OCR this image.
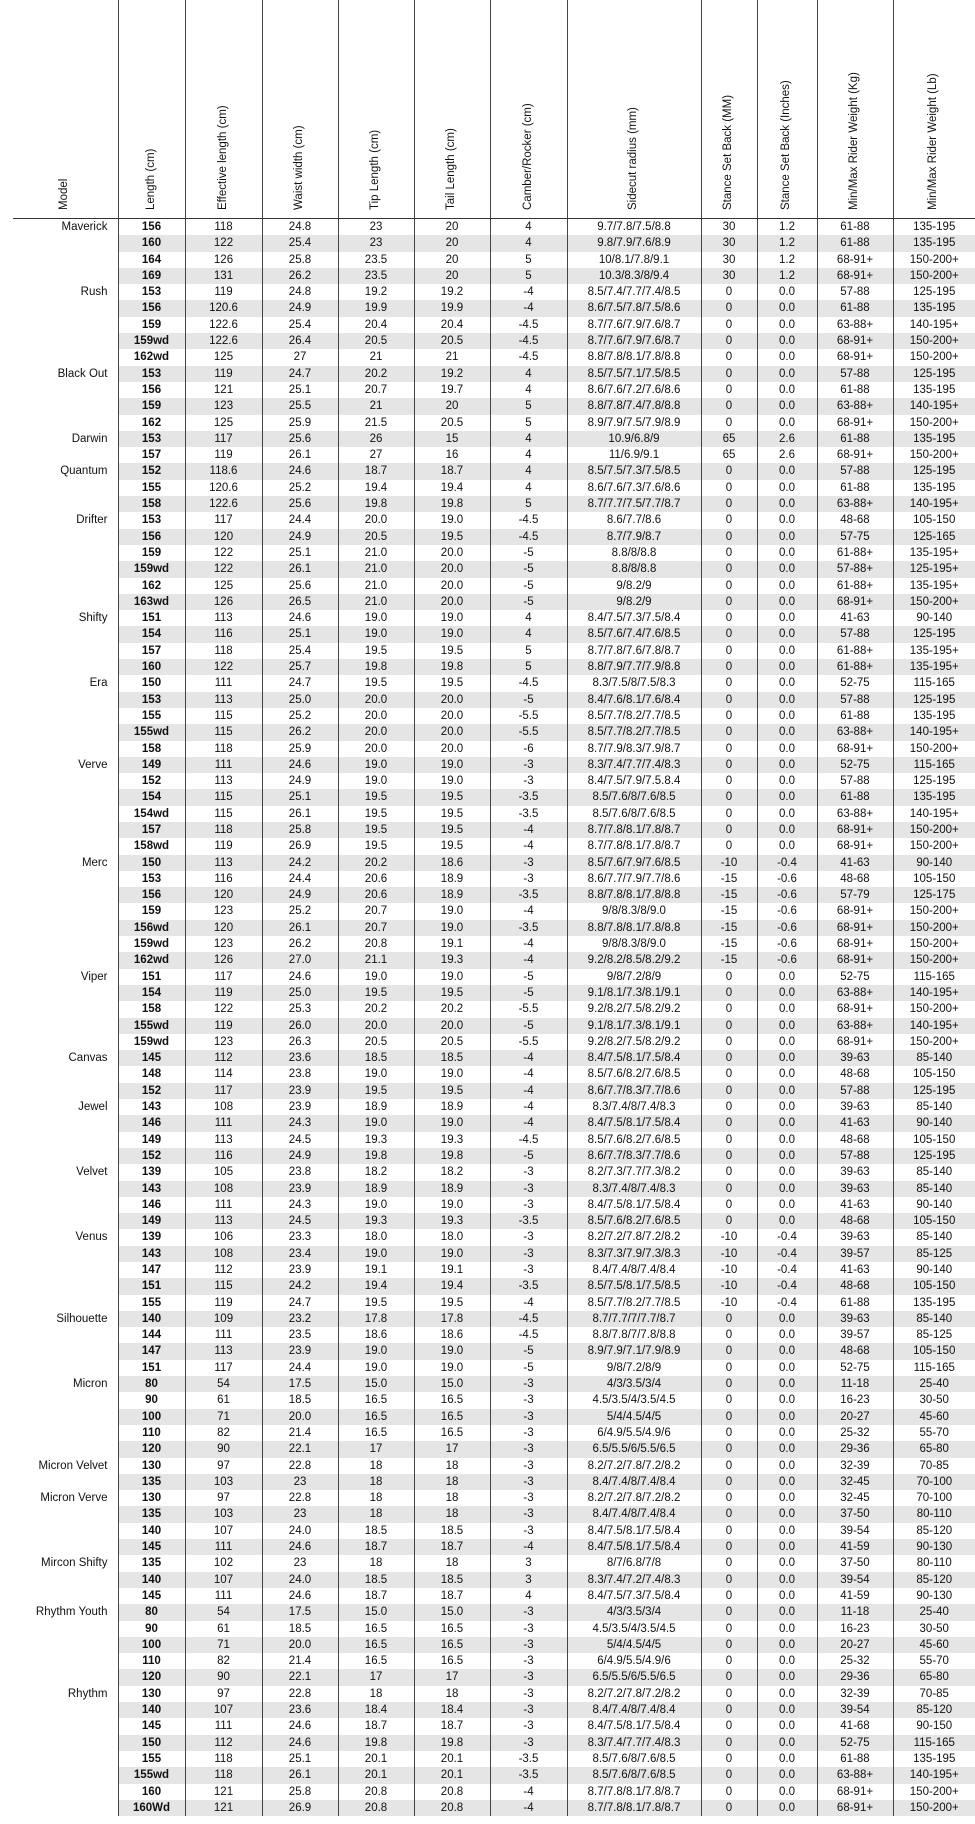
Model	Length (cm)	Effective length (cm)	Waist width (cm)	Tip Length (cm)	Tail Length (cm)	Camber/Rocker (cm)	Sidecut radius (mm)	Stance Set Back (MM)	Stance Set Back (Inches)	Min/Max Rider Weight (Kg)	Min/Max Rider Weight (Lb)

Maverick	156	118	24.8	23	20	4	9.7/7.8/7.5/8.8	30	1.2	61-88	135-195
	160	122	25.4	23	20	4	9.8/7.9/7.6/8.9	30	1.2	61-88	135-195
	164	126	25.8	23.5	20	5	10/8.1/7.8/9.1	30	1.2	68-91+	150-200+
	169	131	26.2	23.5	20	5	10.3/8.3/8/9.4	30	1.2	68-91+	150-200+
Rush	153	119	24.8	19.2	19.2	-4	8.5/7.4/7.7/7.4/8.5	0	0.0	57-88	125-195
	156	120.6	24.9	19.9	19.9	-4	8.6/7.5/7.8/7.5/8.6	0	0.0	61-88	135-195
	159	122.6	25.4	20.4	20.4	-4.5	8.7/7.6/7.9/7.6/8.7	0	0.0	63-88+	140-195+
	159wd	122.6	26.4	20.5	20.5	-4.5	8.7/7.6/7.9/7.6/8.7	0	0.0	68-91+	150-200+
	162wd	125	27	21	21	-4.5	8.8/7.8/8.1/7.8/8.8	0	0.0	68-91+	150-200+
Black Out	153	119	24.7	20.2	19.2	4	8.5/7.5/7.1/7.5/8.5	0	0.0	57-88	125-195
	156	121	25.1	20.7	19.7	4	8.6/7.6/7.2/7.6/8.6	0	0.0	61-88	135-195
	159	123	25.5	21	20	5	8.8/7.8/7.4/7.8/8.8	0	0.0	63-88+	140-195+
	162	125	25.9	21.5	20.5	5	8.9/7.9/7.5/7.9/8.9	0	0.0	68-91+	150-200+
Darwin	153	117	25.6	26	15	4	10.9/6.8/9	65	2.6	61-88	135-195
	157	119	26.1	27	16	4	11/6.9/9.1	65	2.6	68-91+	150-200+
Quantum	152	118.6	24.6	18.7	18.7	4	8.5/7.5/7.3/7.5/8.5	0	0.0	57-88	125-195
	155	120.6	25.2	19.4	19.4	4	8.6/7.6/7.3/7.6/8.6	0	0.0	61-88	135-195
	158	122.6	25.6	19.8	19.8	5	8.7/7.7/7.5/7.7/8.7	0	0.0	63-88+	140-195+
Drifter	153	117	24.4	20.0	19.0	-4.5	8.6/7.7/8.6	0	0.0	48-68	105-150
	156	120	24.9	20.5	19.5	-4.5	8.7/7.9/8.7	0	0.0	57-75	125-165
	159	122	25.1	21.0	20.0	-5	8.8/8/8.8	0	0.0	61-88+	135-195+
	159wd	122	26.1	21.0	20.0	-5	8.8/8/8.8	0	0.0	57-88+	125-195+
	162	125	25.6	21.0	20.0	-5	9/8.2/9	0	0.0	61-88+	135-195+
	163wd	126	26.5	21.0	20.0	-5	9/8.2/9	0	0.0	68-91+	150-200+
Shifty	151	113	24.6	19.0	19.0	4	8.4/7.5/7.3/7.5/8.4	0	0.0	41-63	90-140
	154	116	25.1	19.0	19.0	4	8.5/7.6/7.4/7.6/8.5	0	0.0	57-88	125-195
	157	118	25.4	19.5	19.5	5	8.7/7.8/7.6/7.8/8.7	0	0.0	61-88+	135-195+
	160	122	25.7	19.8	19.8	5	8.8/7.9/7.7/7.9/8.8	0	0.0	61-88+	135-195+
Era	150	111	24.7	19.5	19.5	-4.5	8.3/7.5/8/7.5/8.3	0	0.0	52-75	115-165
	153	113	25.0	20.0	20.0	-5	8.4/7.6/8.1/7.6/8.4	0	0.0	57-88	125-195
	155	115	25.2	20.0	20.0	-5.5	8.5/7.7/8.2/7.7/8.5	0	0.0	61-88	135-195
	155wd	115	26.2	20.0	20.0	-5.5	8.5/7.7/8.2/7.7/8.5	0	0.0	63-88+	140-195+
	158	118	25.9	20.0	20.0	-6	8.7/7.9/8.3/7.9/8.7	0	0.0	68-91+	150-200+
Verve	149	111	24.6	19.0	19.0	-3	8.3/7.4/7.7/7.4/8.3	0	0.0	52-75	115-165
	152	113	24.9	19.0	19.0	-3	8.4/7.5/7.9/7.5.8.4	0	0.0	57-88	125-195
	154	115	25.1	19.5	19.5	-3.5	8.5/7.6/8/7.6/8.5	0	0.0	61-88	135-195
	154wd	115	26.1	19.5	19.5	-3.5	8.5/7.6/8/7.6/8.5	0	0.0	63-88+	140-195+
	157	118	25.8	19.5	19.5	-4	8.7/7.8/8.1/7.8/8.7	0	0.0	68-91+	150-200+
	158wd	119	26.9	19.5	19.5	-4	8.7/7.8/8.1/7.8/8.7	0	0.0	68-91+	150-200+
Merc	150	113	24.2	20.2	18.6	-3	8.5/7.6/7.9/7.6/8.5	-10	-0.4	41-63	90-140
	153	116	24.4	20.6	18.9	-3	8.6/7.7/7.9/7.7/8.6	-15	-0.6	48-68	105-150
	156	120	24.9	20.6	18.9	-3.5	8.8/7.8/8.1/7.8/8.8	-15	-0.6	57-79	125-175
	159	123	25.2	20.7	19.0	-4	9/8/8.3/8/9.0	-15	-0.6	68-91+	150-200+
	156wd	120	26.1	20.7	19.0	-3.5	8.8/7.8/8.1/7.8/8.8	-15	-0.6	68-91+	150-200+
	159wd	123	26.2	20.8	19.1	-4	9/8/8.3/8/9.0	-15	-0.6	68-91+	150-200+
	162wd	126	27.0	21.1	19.3	-4	9.2/8.2/8.5/8.2/9.2	-15	-0.6	68-91+	150-200+
Viper	151	117	24.6	19.0	19.0	-5	9/8/7.2/8/9	0	0.0	52-75	115-165
	154	119	25.0	19.5	19.5	-5	9.1/8.1/7.3/8.1/9.1	0	0.0	63-88+	140-195+
	158	122	25.3	20.2	20.2	-5.5	9.2/8.2/7.5/8.2/9.2	0	0.0	68-91+	150-200+
	155wd	119	26.0	20.0	20.0	-5	9.1/8.1/7.3/8.1/9.1	0	0.0	63-88+	140-195+
	159wd	123	26.3	20.5	20.5	-5.5	9.2/8.2/7.5/8.2/9.2	0	0.0	68-91+	150-200+
Canvas	145	112	23.6	18.5	18.5	-4	8.4/7.5/8.1/7.5/8.4	0	0.0	39-63	85-140
	148	114	23.8	19.0	19.0	-4	8.5/7.6/8.2/7.6/8.5	0	0.0	48-68	105-150
	152	117	23.9	19.5	19.5	-4	8.6/7.7/8.3/7.7/8.6	0	0.0	57-88	125-195
Jewel	143	108	23.9	18.9	18.9	-4	8.3/7.4/8/7.4/8.3	0	0.0	39-63	85-140
	146	111	24.3	19.0	19.0	-4	8.4/7.5/8.1/7.5/8.4	0	0.0	41-63	90-140
	149	113	24.5	19.3	19.3	-4.5	8.5/7.6/8.2/7.6/8.5	0	0.0	48-68	105-150
	152	116	24.9	19.8	19.8	-5	8.6/7.7/8.3/7.7/8.6	0	0.0	57-88	125-195
Velvet	139	105	23.8	18.2	18.2	-3	8.2/7.3/7.7/7.3/8.2	0	0.0	39-63	85-140
	143	108	23.9	18.9	18.9	-3	8.3/7.4/8/7.4/8.3	0	0.0	39-63	85-140
	146	111	24.3	19.0	19.0	-3	8.4/7.5/8.1/7.5/8.4	0	0.0	41-63	90-140
	149	113	24.5	19.3	19.3	-3.5	8.5/7.6/8.2/7.6/8.5	0	0.0	48-68	105-150
Venus	139	106	23.3	18.0	18.0	-3	8.2/7.2/7.8/7.2/8.2	-10	-0.4	39-63	85-140
	143	108	23.4	19.0	19.0	-3	8.3/7.3/7.9/7.3/8.3	-10	-0.4	39-57	85-125
	147	112	23.9	19.1	19.1	-3	8.4/7.4/8/7.4/8.4	-10	-0.4	41-63	90-140
	151	115	24.2	19.4	19.4	-3.5	8.5/7.5/8.1/7.5/8.5	-10	-0.4	48-68	105-150
	155	119	24.7	19.5	19.5	-4	8.5/7.7/8.2/7.7/8.5	-10	-0.4	61-88	135-195
Silhouette	140	109	23.2	17.8	17.8	-4.5	8.7/7.7/7/7.7/8.7	0	0.0	39-63	85-140
	144	111	23.5	18.6	18.6	-4.5	8.8/7.8/7/7.8/8.8	0	0.0	39-57	85-125
	147	113	23.9	19.0	19.0	-5	8.9/7.9/7.1/7.9/8.9	0	0.0	48-68	105-150
	151	117	24.4	19.0	19.0	-5	9/8/7.2/8/9	0	0.0	52-75	115-165
Micron	80	54	17.5	15.0	15.0	-3	4/3/3.5/3/4	0	0.0	11-18	25-40
	90	61	18.5	16.5	16.5	-3	4.5/3.5/4/3.5/4.5	0	0.0	16-23	30-50
	100	71	20.0	16.5	16.5	-3	5/4/4.5/4/5	0	0.0	20-27	45-60
	110	82	21.4	16.5	16.5	-3	6/4.9/5.5/4.9/6	0	0.0	25-32	55-70
	120	90	22.1	17	17	-3	6.5/5.5/6/5.5/6.5	0	0.0	29-36	65-80
Micron Velvet	130	97	22.8	18	18	-3	8.2/7.2/7.8/7.2/8.2	0	0.0	32-39	70-85
	135	103	23	18	18	-3	8.4/7.4/8/7.4/8.4	0	0.0	32-45	70-100
Micron Verve	130	97	22.8	18	18	-3	8.2/7.2/7.8/7.2/8.2	0	0.0	32-45	70-100
	135	103	23	18	18	-3	8.4/7.4/8/7.4/8.4	0	0.0	37-50	80-110
	140	107	24.0	18.5	18.5	-3	8.4/7.5/8.1/7.5/8.4	0	0.0	39-54	85-120
	145	111	24.6	18.7	18.7	-4	8.4/7.5/8.1/7.5/8.4	0	0.0	41-59	90-130
Mircon Shifty	135	102	23	18	18	3	8/7/6.8/7/8	0	0.0	37-50	80-110
	140	107	24.0	18.5	18.5	3	8.3/7.4/7.2/7.4/8.3	0	0.0	39-54	85-120
	145	111	24.6	18.7	18.7	4	8.4/7.5/7.3/7.5/8.4	0	0.0	41-59	90-130
Rhythm Youth	80	54	17.5	15.0	15.0	-3	4/3/3.5/3/4	0	0.0	11-18	25-40
	90	61	18.5	16.5	16.5	-3	4.5/3.5/4/3.5/4.5	0	0.0	16-23	30-50
	100	71	20.0	16.5	16.5	-3	5/4/4.5/4/5	0	0.0	20-27	45-60
	110	82	21.4	16.5	16.5	-3	6/4.9/5.5/4.9/6	0	0.0	25-32	55-70
	120	90	22.1	17	17	-3	6.5/5.5/6/5.5/6.5	0	0.0	29-36	65-80
Rhythm	130	97	22.8	18	18	-3	8.2/7.2/7.8/7.2/8.2	0	0.0	32-39	70-85
	140	107	23.6	18.4	18.4	-3	8.4/7.4/8/7.4/8.4	0	0.0	39-54	85-120
	145	111	24.6	18.7	18.7	-3	8.4/7.5/8.1/7.5/8.4	0	0.0	41-68	90-150
	150	112	24.6	19.8	19.8	-3	8.3/7.4/7.7/7.4/8.3	0	0.0	52-75	115-165
	155	118	25.1	20.1	20.1	-3.5	8.5/7.6/8/7.6/8.5	0	0.0	61-88	135-195
	155wd	118	26.1	20.1	20.1	-3.5	8.5/7.6/8/7.6/8.5	0	0.0	63-88+	140-195+
	160	121	25.8	20.8	20.8	-4	8.7/7.8/8.1/7.8/8.7	0	0.0	68-91+	150-200+
	160Wd	121	26.9	20.8	20.8	-4	8.7/7.8/8.1/7.8/8.7	0	0.0	68-91+	150-200+
